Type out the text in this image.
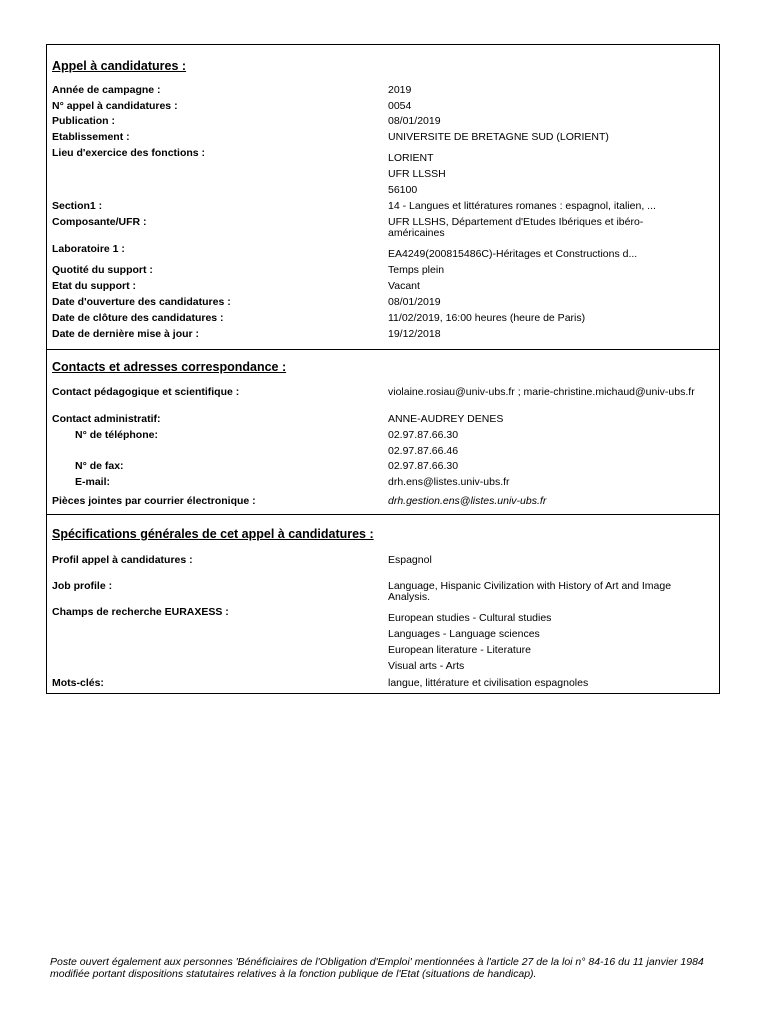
Appel à candidatures :
Année de campagne :	2019
N° appel à candidatures :	0054
Publication :	08/01/2019
Etablissement :	UNIVERSITE DE BRETAGNE SUD (LORIENT)
Lieu d'exercice des fonctions :	LORIENT
UFR LLSSH
56100
Section1 :	14 - Langues et littératures romanes : espagnol, italien, ...
Composante/UFR :	UFR LLSHS, Département d'Etudes Ibériques et ibéro-américaines
Laboratoire 1 :	EA4249(200815486C)-Héritages et Constructions d...
Quotité du support :	Temps plein
Etat du support :	Vacant
Date d'ouverture des candidatures :	08/01/2019
Date de clôture des candidatures :	11/02/2019, 16:00 heures (heure de Paris)
Date de dernière mise à jour :	19/12/2018
Contacts et adresses correspondance :
Contact pédagogique et scientifique :	violaine.rosiau@univ-ubs.fr ; marie-christine.michaud@univ-ubs.fr
Contact administratif:	ANNE-AUDREY DENES
N° de téléphone:	02.97.87.66.30
02.97.87.66.46
N° de fax:	02.97.87.66.30
E-mail:	drh.ens@listes.univ-ubs.fr
Pièces jointes par courrier électronique :	drh.gestion.ens@listes.univ-ubs.fr
Spécifications générales de cet appel à candidatures :
Profil appel à candidatures :	Espagnol
Job profile :	Language, Hispanic Civilization with History of Art and Image Analysis.
Champs de recherche EURAXESS :	European studies - Cultural studies
Languages - Language sciences
European literature - Literature
Visual arts - Arts
Mots-clés:	langue, littérature et civilisation espagnoles
Poste ouvert également aux personnes 'Bénéficiaires de l'Obligation d'Emploi' mentionnées à l'article 27 de la loi n° 84-16 du 11 janvier 1984 modifiée portant dispositions statutaires relatives à la fonction publique de l'Etat (situations de handicap).
